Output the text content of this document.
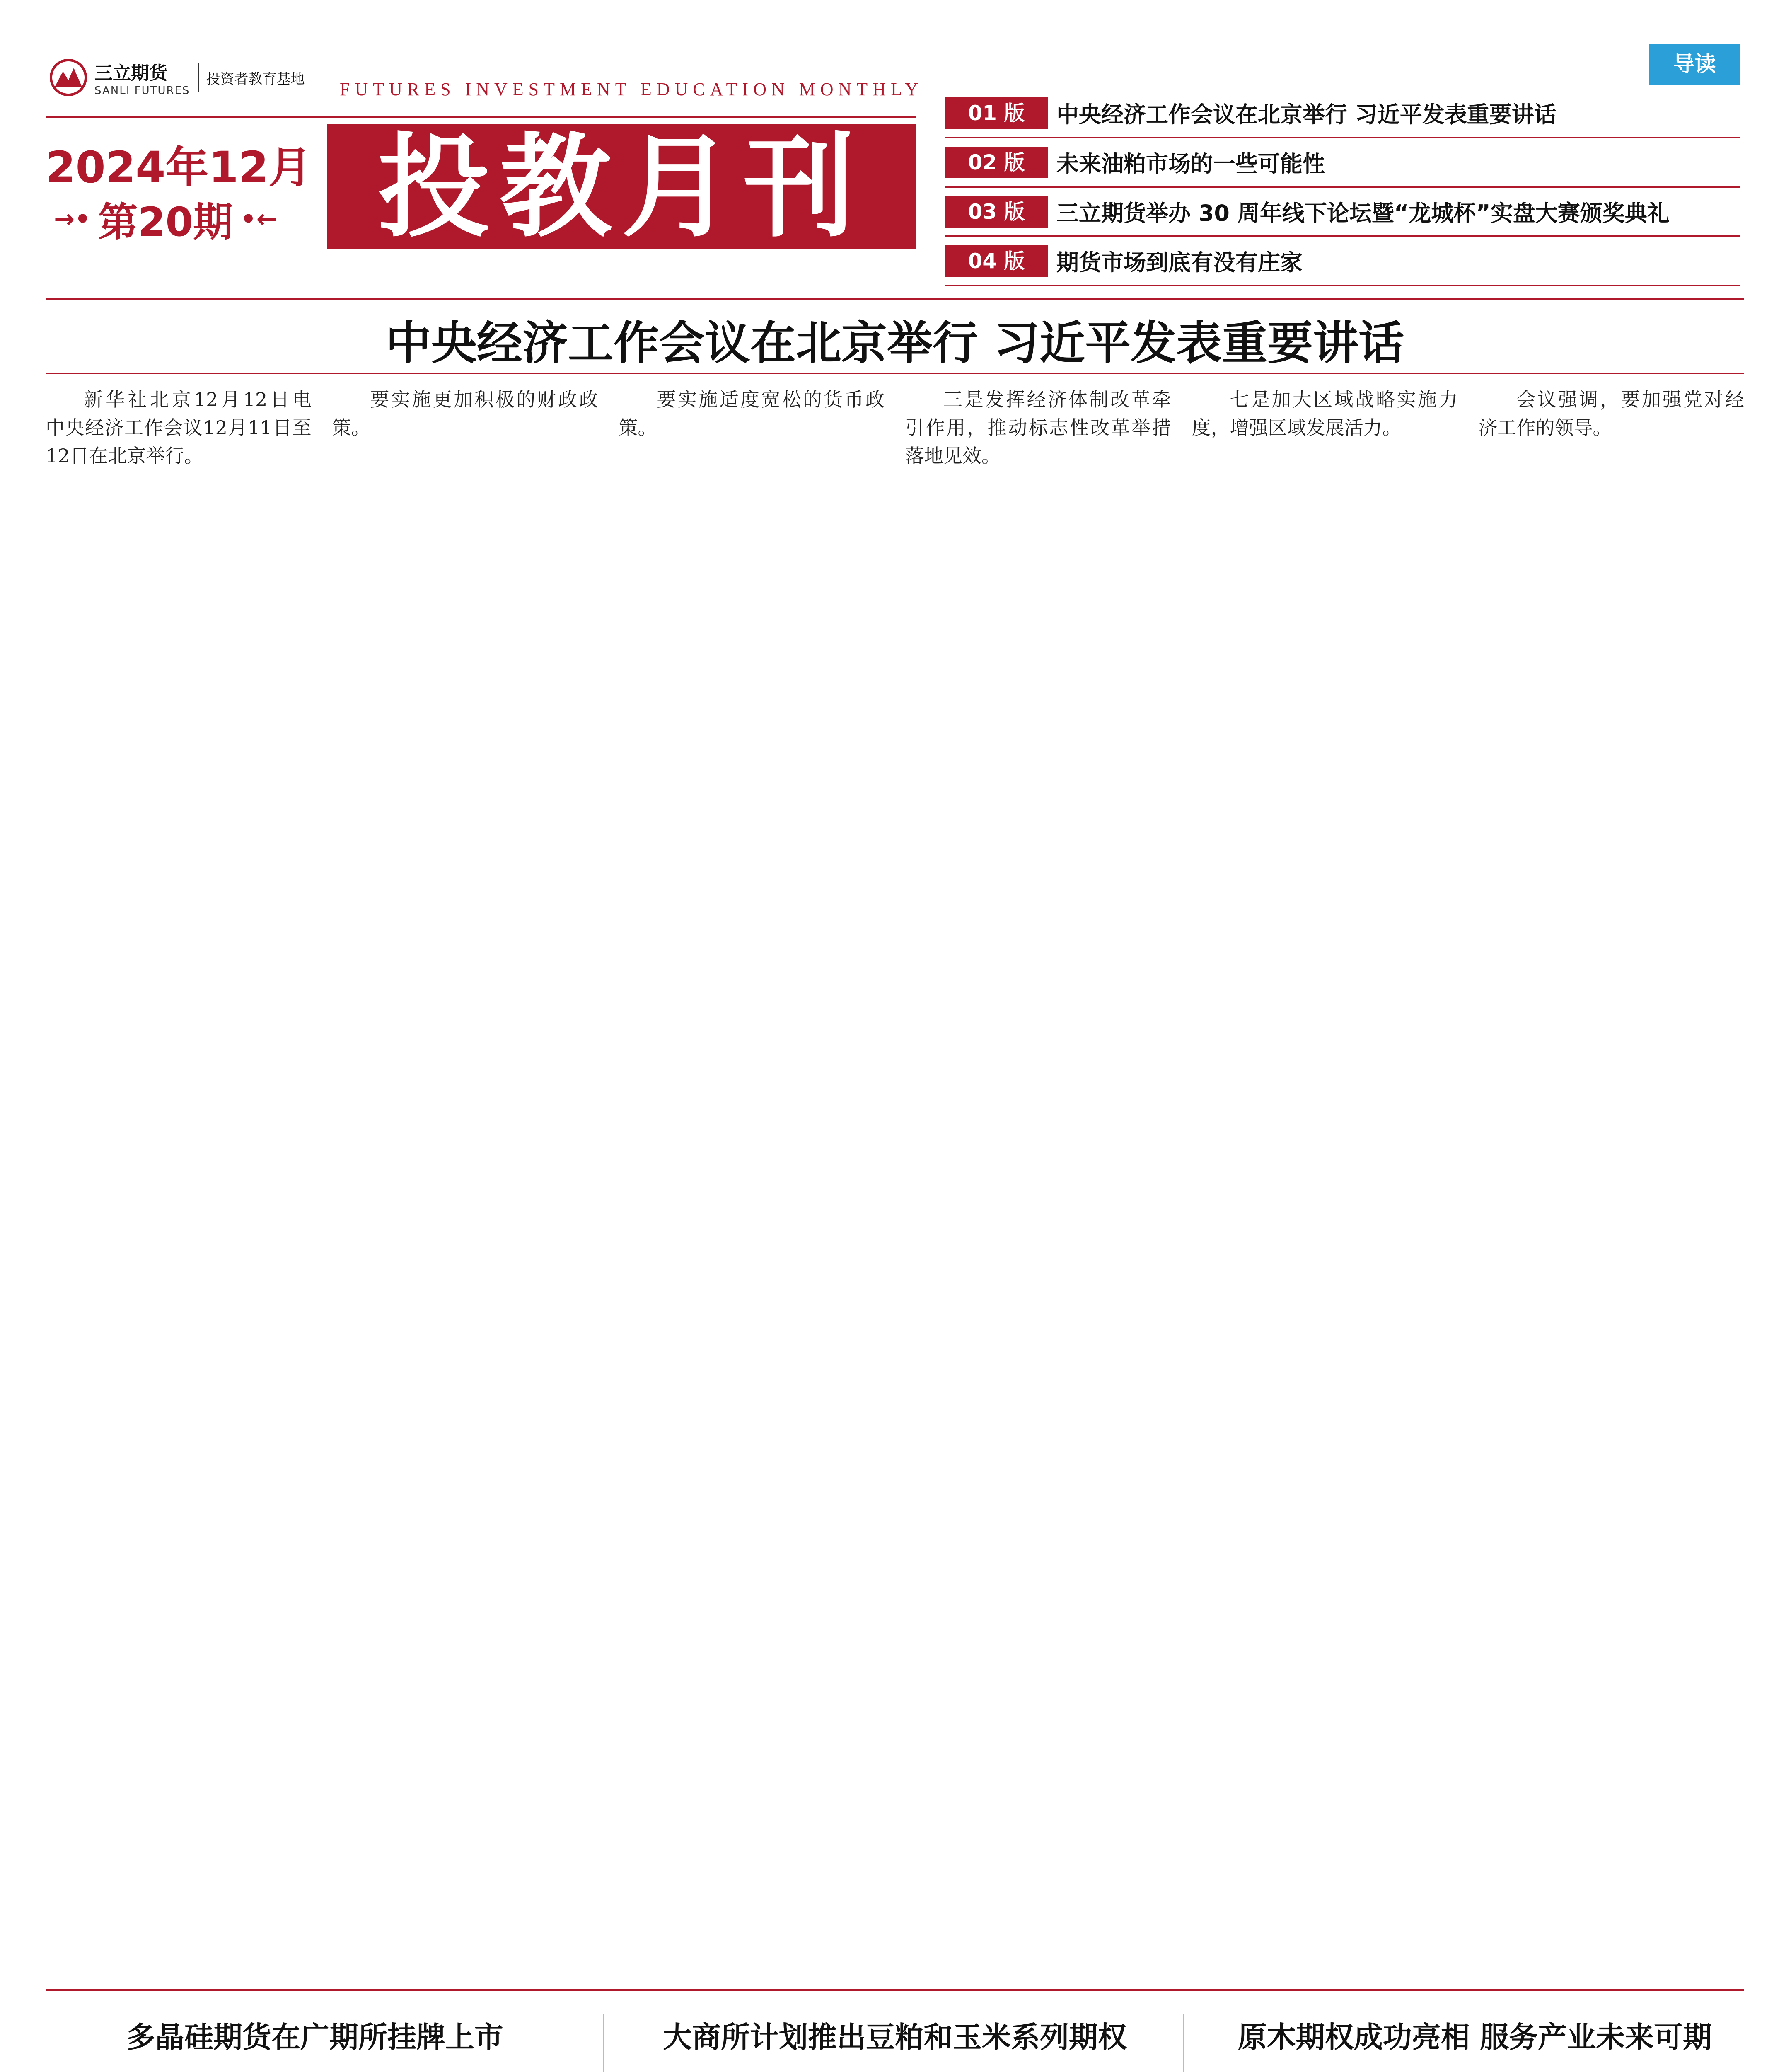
三立期货
SANLI FUTURES
投资者教育基地
FUTURES INVESTMENT EDUCATION MONTHLY
2024年12月
→• 第20期 •← 投教月刊
导读
01 版	中央经济工作会议在北京举行 习近平发表重要讲话
02 版	未来油粕市场的一些可能性
03 版	三立期货举办 30 周年线下论坛暨“龙城杯”实盘大赛颁奖典礼
04 版	期货市场到底有没有庄家
中央经济工作会议在北京举行 习近平发表重要讲话

新华社北京12月12日电　中央经济工作会议12月11日至12日在北京举行。

要实施更加积极的财政政策。

要实施适度宽松的货币政策。

三是发挥经济体制改革牵引作用，推动标志性改革举措落地见效。

七是加大区域战略实施力度，增强区域发展活力。

会议强调，要加强党对经济工作的领导。

多晶硅期货在广期所挂牌上市	大商所计划推出豆粕和玉米系列期权	原木期权成功亮相 服务产业未来可期
